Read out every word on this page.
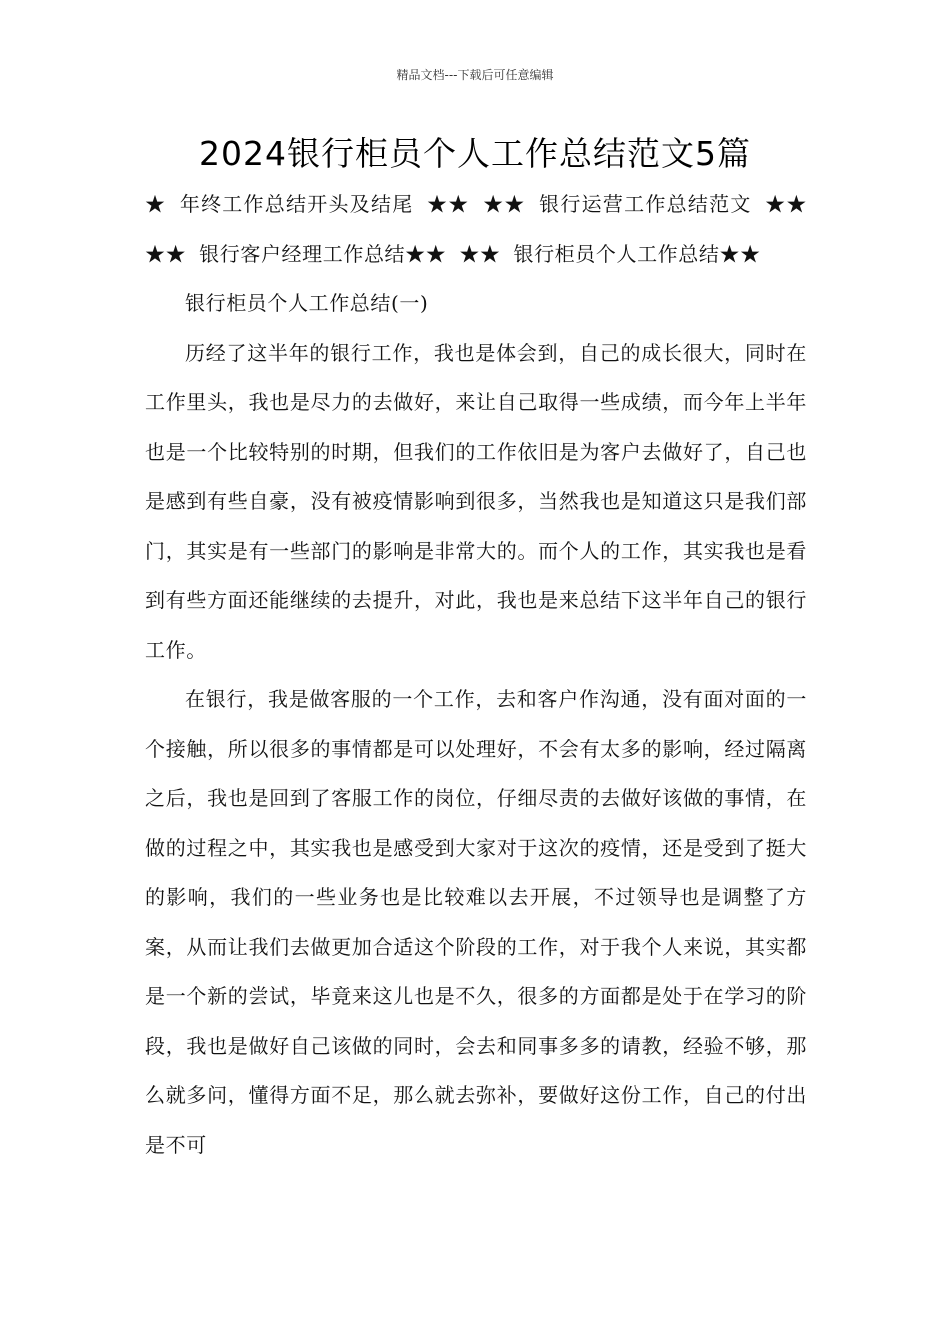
精品文档---下载后可任意编辑
2024银行柜员个人工作总结范文5篇

★ 年终工作总结开头及结尾 ★★ ★★ 银行运营工作总结范文 ★★ ★★ 银行客户经理工作总结★★ ★★ 银行柜员个人工作总结★★

银行柜员个人工作总结(一)

历经了这半年的银行工作，我也是体会到，自己的成长很大，同时在工作里头，我也是尽力的去做好，来让自己取得一些成绩，而今年上半年也是一个比较特别的时期，但我们的工作依旧是为客户去做好了，自己也是感到有些自豪，没有被疫情影响到很多，当然我也是知道这只是我们部门，其实是有一些部门的影响是非常大的。而个人的工作，其实我也是看到有些方面还能继续的去提升，对此，我也是来总结下这半年自己的银行工作。

在银行，我是做客服的一个工作，去和客户作沟通，没有面对面的一个接触，所以很多的事情都是可以处理好，不会有太多的影响，经过隔离之后，我也是回到了客服工作的岗位，仔细尽责的去做好该做的事情，在做的过程之中，其实我也是感受到大家对于这次的疫情，还是受到了挺大的影响，我们的一些业务也是比较难以去开展，不过领导也是调整了方案，从而让我们去做更加合适这个阶段的工作，对于我个人来说，其实都是一个新的尝试，毕竟来这儿也是不久，很多的方面都是处于在学习的阶段，我也是做好自己该做的同时，会去和同事多多的请教，经验不够，那么就多问，懂得方面不足，那么就去弥补，要做好这份工作，自己的付出是不可
